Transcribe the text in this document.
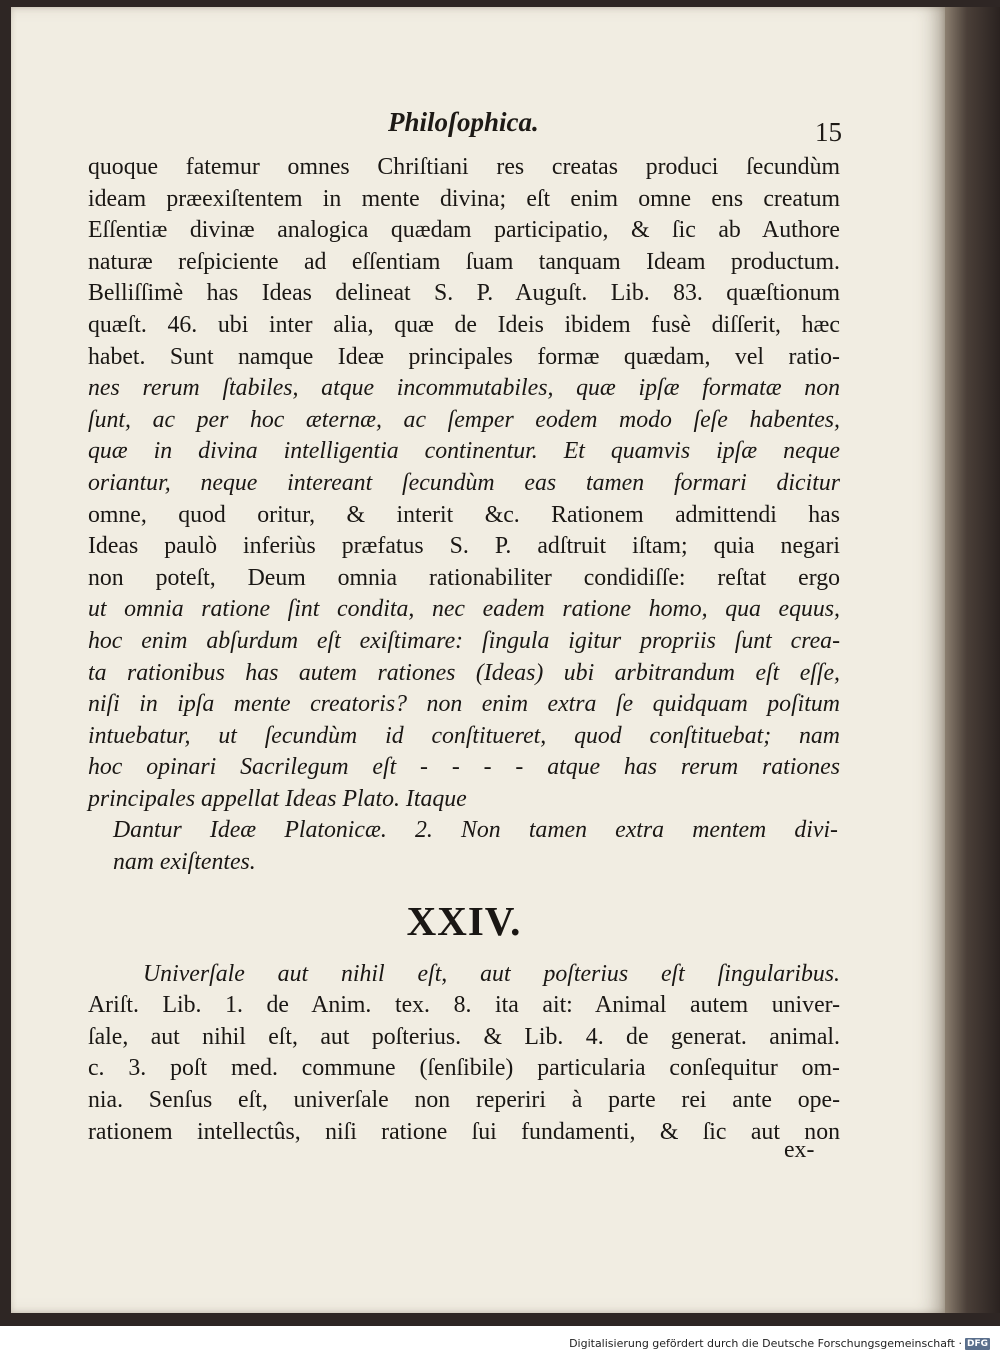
Philoſophica.	15
quoque fatemur omnes Chriſtiani res creatas produci ſecundùm
ideam præexiſtentem in mente divina; eſt enim omne ens creatum
Eſſentiæ divinæ analogica quædam participatio, & ſic ab Authore
naturæ reſpiciente ad eſſentiam ſuam tanquam Ideam productum.
Belliſſimè has Ideas delineat S. P. Auguſt. Lib. 83. quæſtionum
quæſt. 46. ubi inter alia, quæ de Ideis ibidem fusè diſſerit, hæc
habet. Sunt namque Ideæ principales formæ quædam, vel ratio-
nes rerum ſtabiles, atque incommutabiles, quæ ipſæ formatæ non
ſunt, ac per hoc æternæ, ac ſemper eodem modo ſeſe habentes,
quæ in divina intelligentia continentur. Et quamvis ipſæ neque
oriantur, neque intereant ſecundùm eas tamen formari dicitur
omne, quod oritur, & interit &c. Rationem admittendi has
Ideas paulò inferiùs præfatus S. P. adſtruit iſtam; quia negari
non poteſt, Deum omnia rationabiliter condidiſſe: reſtat ergo
ut omnia ratione ſint condita, nec eadem ratione homo, qua equus,
hoc enim abſurdum eſt exiſtimare: ſingula igitur propriis ſunt crea-
ta rationibus has autem rationes (Ideas) ubi arbitrandum eſt eſſe,
niſi in ipſa mente creatoris? non enim extra ſe quidquam poſitum
intuebatur, ut ſecundùm id conſtitueret, quod conſtituebat; nam
hoc opinari Sacrilegum eſt - - - - atque has rerum rationes
principales appellat Ideas Plato. Itaque
Dantur Ideæ Platonicæ. 2. Non tamen extra mentem divi-
nam exiſtentes.
XXIV.
Univerſale aut nihil eſt, aut poſterius eſt ſingularibus.
Ariſt. Lib. 1. de Anim. tex. 8. ita ait: Animal autem univer-
ſale, aut nihil eſt, aut poſterius. & Lib. 4. de generat. animal.
c. 3. poſt med. commune (ſenſibile) particularia conſequitur om-
nia. Senſus eſt, univerſale non reperiri à parte rei ante ope-
rationem intellectûs, niſi ratione ſui fundamenti, & ſic aut non
ex-
Digitalisierung gefördert durch die Deutsche Forschungsgemeinschaft · DFG
